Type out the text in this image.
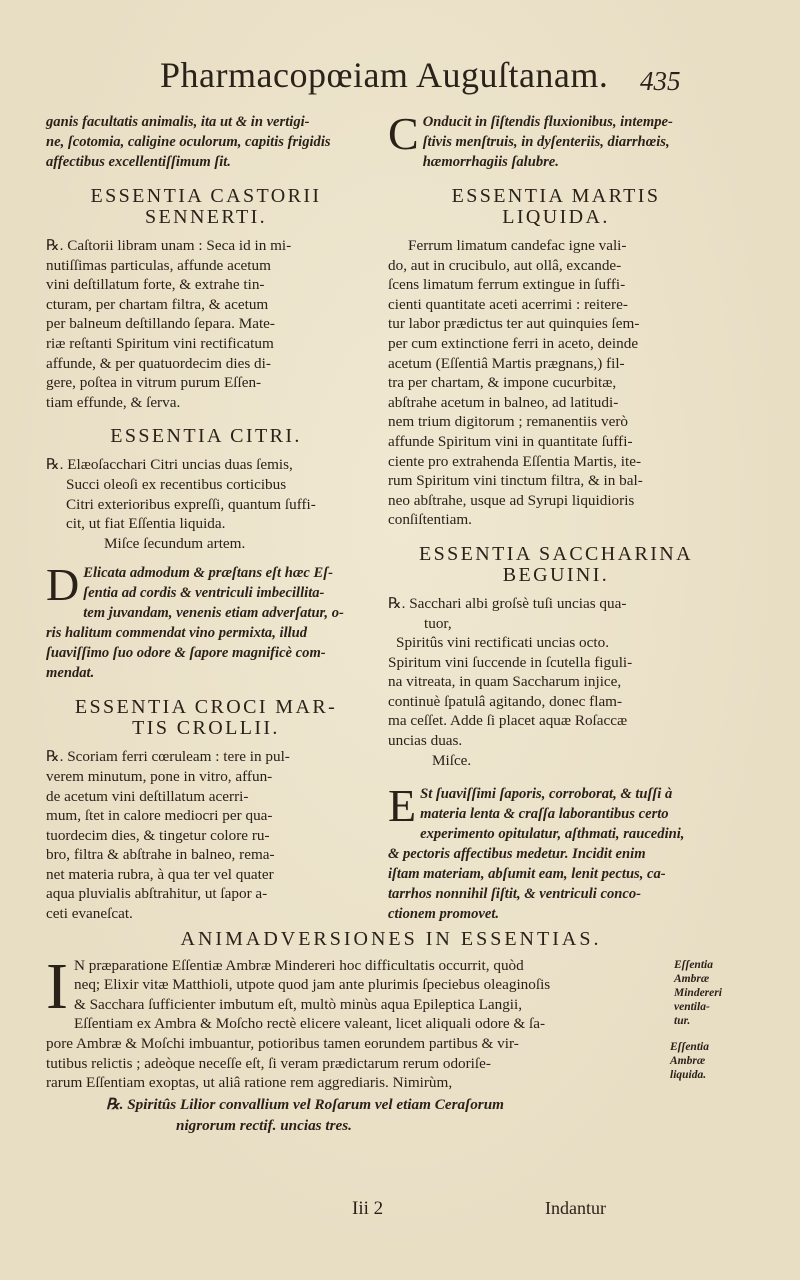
Pharmacopœiam Auguſtanam. 435
ganis facultatis animalis, ita ut & in vertigi-
ne, ſcotomia, caligine oculorum, capitis frigidis
affectibus excellentiſſimum ſit.
ESSENTIA CASTORII
SENNERTI.
℞. Caſtorii libram unam : Seca id in mi-
nutiſſimas particulas, affunde acetum
vini deſtillatum forte, & extrahe tin-
cturam, per chartam filtra, & acetum
per balneum deſtillando ſepara. Mate-
riæ reſtanti Spiritum vini rectificatum
affunde, & per quatuordecim dies di-
gere, poſtea in vitrum purum Eſſen-
tiam effunde, & ſerva.
ESSENTIA CITRI.
℞. Elæoſacchari Citri uncias duas ſemis,
Succi oleoſi ex recentibus corticibus
Citri exterioribus expreſſi, quantum ſuffi-
cit, ut fiat Eſſentia liquida.
Miſce ſecundum artem.
D Elicata admodum & præſtans eſt hæc Eſ-
ſentia ad cordis & ventriculi imbecillita-
tem juvandam, venenis etiam adverſatur, o-
ris halitum commendat vino permixta, illud
ſuaviſſimo ſuo odore & ſapore magnificè com-
mendat.
ESSENTIA CROCI MAR-
TIS CROLLII.
℞. Scoriam ferri cœruleam : tere in pul-
verem minutum, pone in vitro, affun-
de acetum vini deſtillatum acerri-
mum, ſtet in calore mediocri per qua-
tuordecim dies, & tingetur colore ru-
bro, filtra & abſtrahe in balneo, rema-
net materia rubra, à qua ter vel quater
aqua pluvialis abſtrahitur, ut ſapor a-
ceti evaneſcat.
C Onducit in ſiſtendis fluxionibus, intempe-
ſtivis menſtruis, in dyſenteriis, diarrhœis,
hæmorrhagiis ſalubre.
ESSENTIA MARTIS
LIQUIDA.
Ferrum limatum candefac igne vali-
do, aut in crucibulo, aut ollâ, excande-
ſcens limatum ferrum extingue in ſuffi-
cienti quantitate aceti acerrimi : reitere-
tur labor prædictus ter aut quinquies ſem-
per cum extinctione ferri in aceto, deinde
acetum (Eſſentiâ Martis prægnans,) fil-
tra per chartam, & impone cucurbitæ,
abſtrahe acetum in balneo, ad latitudi-
nem trium digitorum ; remanentiis verò
affunde Spiritum vini in quantitate ſuffi-
ciente pro extrahenda Eſſentia Martis, ite-
rum Spiritum vini tinctum filtra, & in bal-
neo abſtrahe, usque ad Syrupi liquidioris
conſiſtentiam.
ESSENTIA SACCHARINA
BEGUINI.
℞. Sacchari albi groſsè tuſi uncias qua-
tuor,
Spiritûs vini rectificati uncias octo.
Spiritum vini ſuccende in ſcutella figuli-
na vitreata, in quam Saccharum injice,
continuè ſpatulâ agitando, donec flam-
ma ceſſet. Adde ſi placet aquæ Roſaccæ
uncias duas.
Miſce.
E St ſuaviſſimi ſaporis, corroborat, & tuſſi à
materia lenta & craſſa laborantibus certo
experimento opitulatur, aſthmati, raucedini,
& pectoris affectibus medetur. Incidit enim
iſtam materiam, abſumit eam, lenit pectus, ca-
tarrhos nonnihil ſiſtit, & ventriculi conco-
ctionem promovet.
ANIMADVERSIONES IN ESSENTIAS.
I N præparatione Eſſentiæ Ambræ Mindereri hoc difficultatis occurrit, quòd
neq; Elixir vitæ Matthioli, utpote quod jam ante plurimis ſpeciebus oleaginoſis
& Sacchara ſufficienter imbutum eſt, multò minùs aqua Epileptica Langii,
Eſſentiam ex Ambra & Moſcho rectè elicere valeant, licet aliquali odore & ſa-
pore Ambræ & Moſchi imbuantur, potioribus tamen eorundem partibus & vir-
tutibus relictis ; adeòque neceſſe eſt, ſi veram prædictarum rerum odoriſe-
rarum Eſſentiam exoptas, ut aliâ ratione rem aggrediaris. Nimirùm,
℞. Spiritûs Lilior convallium vel Roſarum vel etiam Ceraſorum
nigrorum rectif. uncias tres.
Eſſentia
Ambræ
Mindereri
ventila-
tur.
Eſſentia
Ambræ
liquida.
Iii 2	Indantur
